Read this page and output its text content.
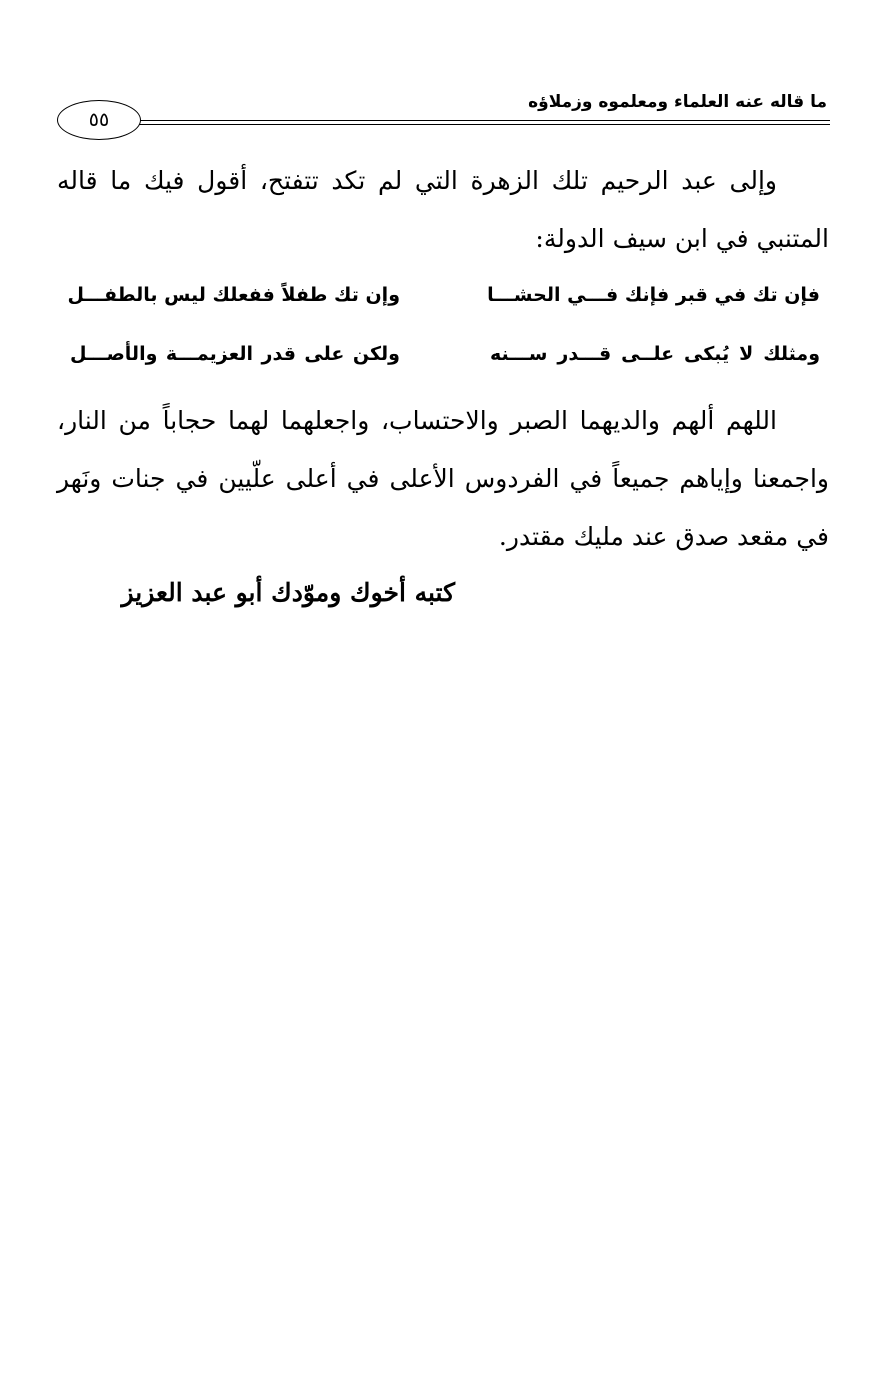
ما قاله عنه العلماء ومعلموه وزملاؤه
٥٥
وإلى عبد الرحيم تلك الزهرة التي لم تكد تتفتح، أقول فيك ما قاله المتنبي في ابن سيف الدولة:
فإن تك في قبر فإنك فـــي الحشـــا
وإن تك طفلاً ففعلك ليس بالطفـــل
ومثلك لا يُبكى علــى قـــدر ســـنه
ولكن على قدر العزيمـــة والأصـــل
اللهم ألهم والديهما الصبر والاحتساب، واجعلهما لهما حجاباً من النار، واجمعنا وإياهم جميعاً في الفردوس الأعلى في أعلى علّيين في جنات ونَهر في مقعد صدق عند مليك مقتدر.
كتبه أخوك وموّدك أبو عبد العزيز
